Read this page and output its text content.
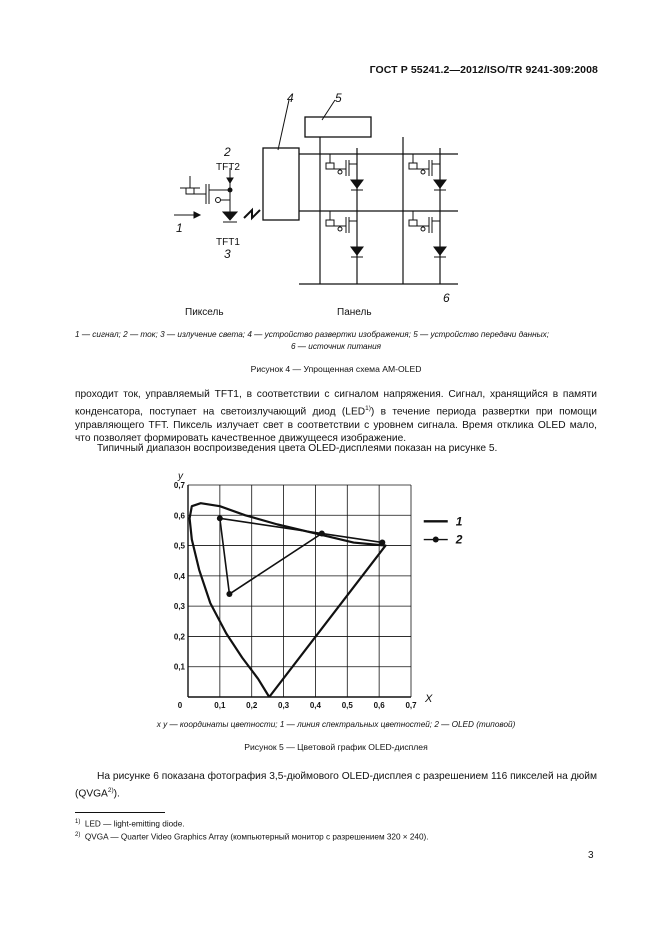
ГОСТ Р 55241.2—2012/ISO/TR 9241-309:2008
4	5
6
2
TFT2
TFT1
3
1
Пиксель	Панель
1 — сигнал; 2 — ток; 3 — излучение света; 4 — устройство развертки изображения; 5 — устройство передачи данных;
6 — источник питания
Рисунок 4 — Упрощенная схема AM-OLED
проходит ток, управляемый TFT1, в соответствии с сигналом напряжения. Сигнал, хранящийся в памяти конденсатора, поступает на светоизлучающий диод (LED$^{1)}$) в течение периода развертки при помощи управляющего TFT. Пиксель излучает свет в соответствии с уровнем сигнала. Время отклика OLED мало, что позволяет формировать качественное движущееся изображение.
Типичный диапазон воспроизведения цвета OLED-дисплеями показан на рисунке 5.
0	0,1	0,2	0,3	0,4	0,5	0,6	0,7
0,1
0,2
0,3
0,4
0,5
0,6
0,7
X
y
1
2
x y — координаты цветности; 1 — линия спектральных цветностей; 2 — OLED (типовой)
Рисунок 5 — Цветовой график OLED-дисплея
На рисунке 6 показана фотография 3,5-дюймового OLED-дисплея с разрешением 116 пикселей на дюйм (QVGA$^{2)}$).
$^{1)}$ LED — light-emitting diode.
$^{2)}$ QVGA — Quarter Video Graphics Array (компьютерный монитор с разрешением 320 × 240).
3
